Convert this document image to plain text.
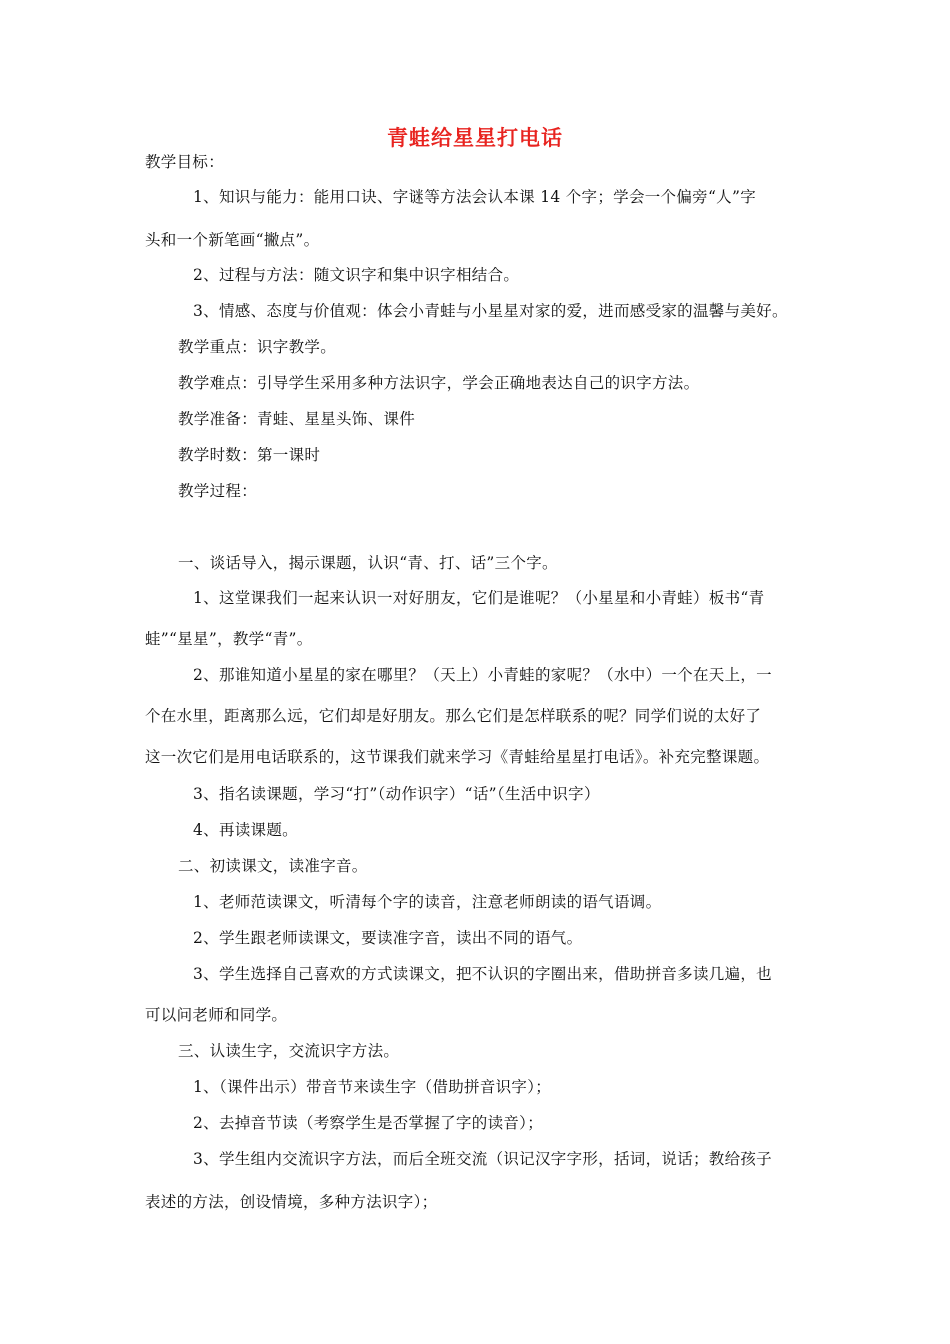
青蛙给星星打电话
教学目标：
1、知识与能力：能用口诀、字谜等方法会认本课 14 个字；学会一个偏旁“人”字
头和一个新笔画“撇点”。
2、过程与方法：随文识字和集中识字相结合。
3、情感、态度与价值观：体会小青蛙与小星星对家的爱，进而感受家的温馨与美好。
教学重点：识字教学。
教学难点：引导学生采用多种方法识字，学会正确地表达自己的识字方法。
教学准备：青蛙、星星头饰、课件
教学时数：第一课时
教学过程：
一、谈话导入，揭示课题，认识“青、打、话”三个字。
1、这堂课我们一起来认识一对好朋友，它们是谁呢？（小星星和小青蛙）板书“青
蛙”“星星”，教学“青”。
2、那谁知道小星星的家在哪里？（天上）小青蛙的家呢？（水中）一个在天上，一
个在水里，距离那么远，它们却是好朋友。那么它们是怎样联系的呢？同学们说的太好了
这一次它们是用电话联系的，这节课我们就来学习《青蛙给星星打电话》。补充完整课题。
3、指名读课题，学习“打”（动作识字）“话”（生活中识字）
4、再读课题。
二、初读课文，读准字音。
1、老师范读课文，听清每个字的读音，注意老师朗读的语气语调。
2、学生跟老师读课文，要读准字音，读出不同的语气。
3、学生选择自己喜欢的方式读课文，把不认识的字圈出来，借助拼音多读几遍，也
可以问老师和同学。
三、认读生字，交流识字方法。
1、（课件出示）带音节来读生字（借助拼音识字）；
2、去掉音节读（考察学生是否掌握了字的读音）；
3、学生组内交流识字方法，而后全班交流（识记汉字字形，括词，说话；教给孩子
表述的方法，创设情境，多种方法识字）；
